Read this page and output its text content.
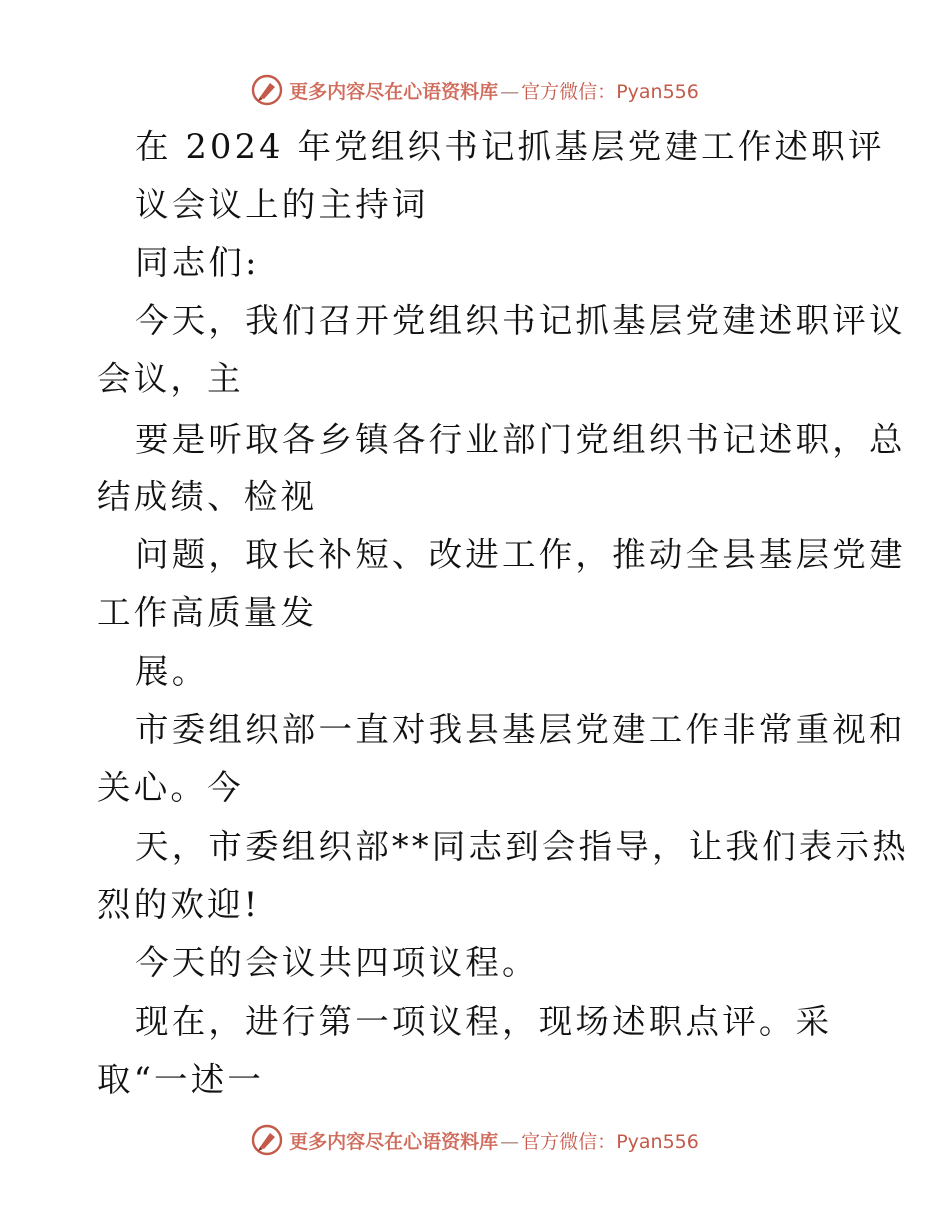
更多内容尽在心语资料库 — 官方微信：Pyan556
在 2024 年党组织书记抓基层党建工作述职评
议会议上的主持词
同志们:
今天，我们召开党组织书记抓基层党建述职评议
会议，主
要是听取各乡镇各行业部门党组织书记述职，总
结成绩、检视
问题，取长补短、改进工作，推动全县基层党建
工作高质量发
展。
市委组织部一直对我县基层党建工作非常重视和
关心。今
天，市委组织部**同志到会指导，让我们表示热
烈的欢迎!
今天的会议共四项议程。
现在，进行第一项议程，现场述职点评。采
取“一述一
更多内容尽在心语资料库 — 官方微信：Pyan556
